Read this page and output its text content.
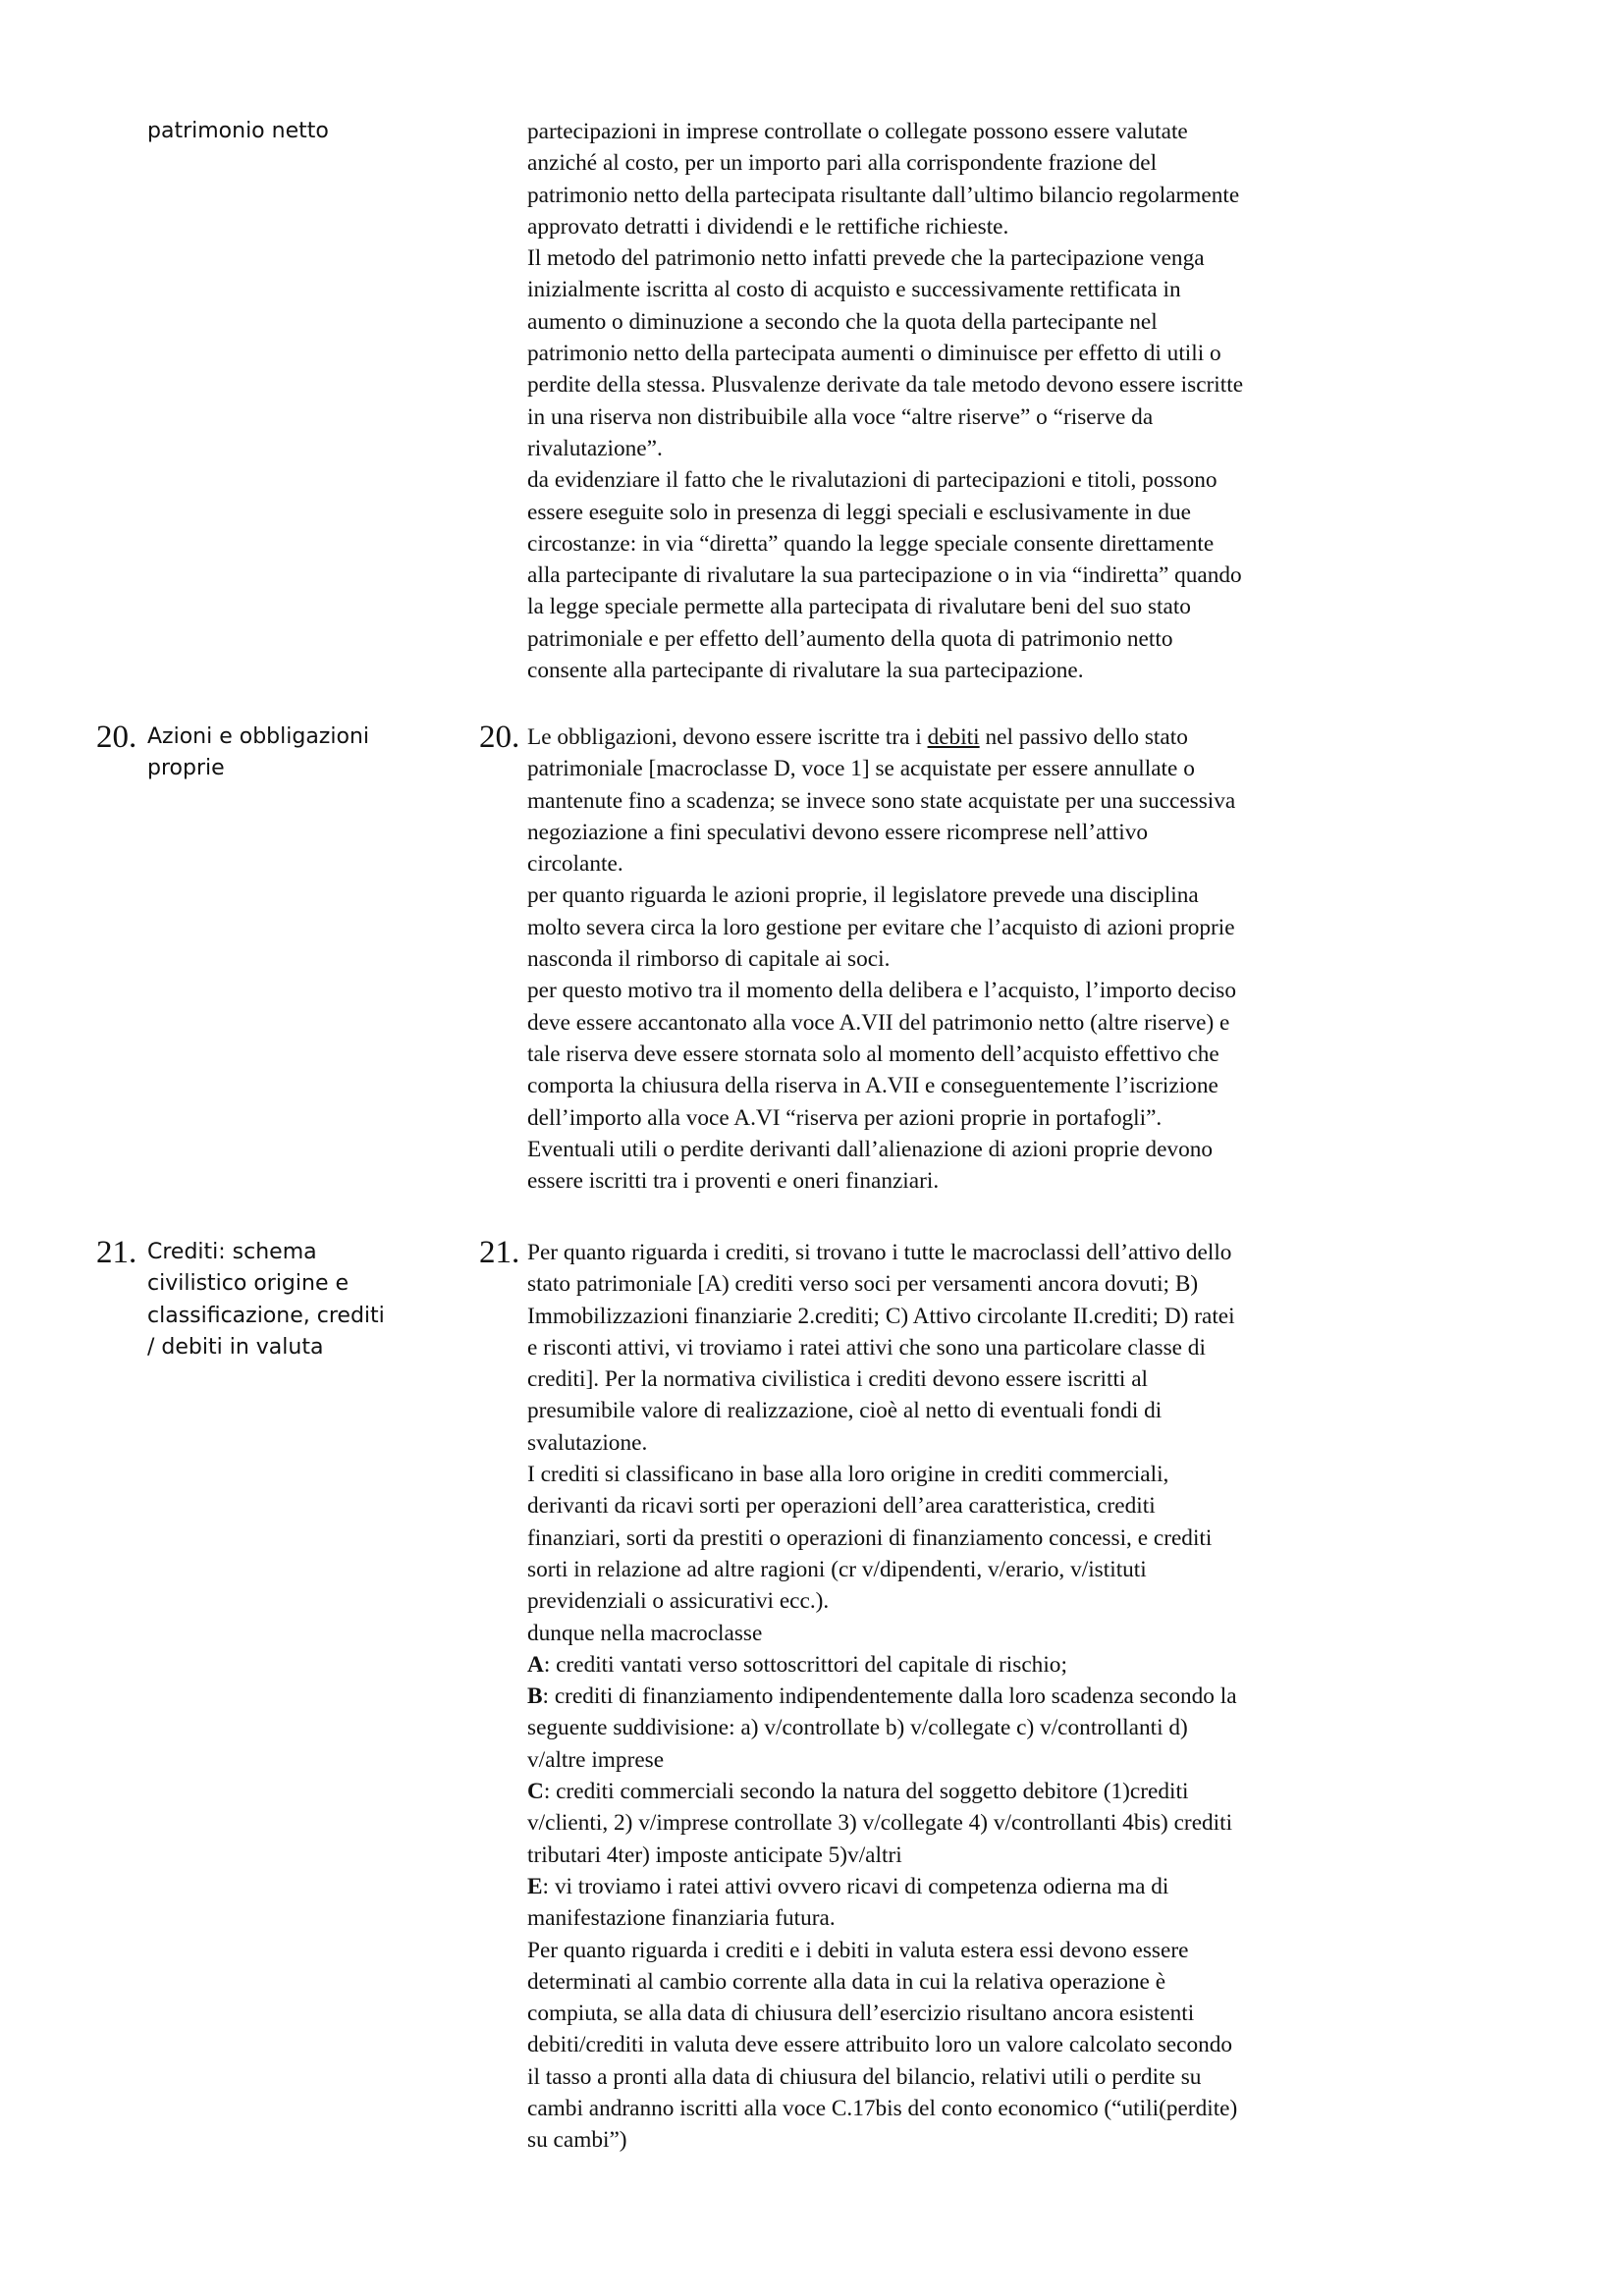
patrimonio netto	partecipazioni in imprese controllate o collegate possono essere valutate
anziché al costo, per un importo pari alla corrispondente frazione del
patrimonio netto della partecipata risultante dall’ultimo bilancio regolarmente
approvato detratti i dividendi e le rettifiche richieste.
Il metodo del patrimonio netto infatti prevede che la partecipazione venga
inizialmente iscritta al costo di acquisto e successivamente rettificata in
aumento o diminuzione a secondo che la quota della partecipante nel
patrimonio netto della partecipata aumenti o diminuisce per effetto di utili o
perdite della stessa. Plusvalenze derivate da tale metodo devono essere iscritte
in una riserva non distribuibile alla voce “altre riserve” o “riserve da
rivalutazione”.
da evidenziare il fatto che le rivalutazioni di partecipazioni e titoli, possono
essere eseguite solo in presenza di leggi speciali e esclusivamente in due
circostanze: in via “diretta” quando la legge speciale consente direttamente
alla partecipante di rivalutare la sua partecipazione o in via “indiretta” quando
la legge speciale permette alla partecipata di rivalutare beni del suo stato
patrimoniale e per effetto dell’aumento della quota di patrimonio netto
consente alla partecipante di rivalutare la sua partecipazione.

20. Azioni e obbligazioni
proprie

20. Le obbligazioni, devono essere iscritte tra i debiti nel passivo dello stato
patrimoniale [macroclasse D, voce 1] se acquistate per essere annullate o
mantenute fino a scadenza; se invece sono state acquistate per una successiva
negoziazione a fini speculativi devono essere ricomprese nell’attivo
circolante.
per quanto riguarda le azioni proprie, il legislatore prevede una disciplina
molto severa circa la loro gestione per evitare che l’acquisto di azioni proprie
nasconda il rimborso di capitale ai soci.
per questo motivo tra il momento della delibera e l’acquisto, l’importo deciso
deve essere accantonato alla voce A.VII del patrimonio netto (altre riserve) e
tale riserva deve essere stornata solo al momento dell’acquisto effettivo che
comporta la chiusura della riserva in A.VII e conseguentemente l’iscrizione
dell’importo alla voce A.VI “riserva per azioni proprie in portafogli”.
Eventuali utili o perdite derivanti dall’alienazione di azioni proprie devono
essere iscritti tra i proventi e oneri finanziari.

21. Crediti: schema
civilistico origine e
classificazione, crediti
/ debiti in valuta

21. Per quanto riguarda i crediti, si trovano i tutte le macroclassi dell’attivo dello
stato patrimoniale [A) crediti verso soci per versamenti ancora dovuti; B)
Immobilizzazioni finanziarie 2.crediti; C) Attivo circolante II.crediti; D) ratei
e risconti attivi, vi troviamo i ratei attivi che sono una particolare classe di
crediti]. Per la normativa civilistica i crediti devono essere iscritti al
presumibile valore di realizzazione, cioè al netto di eventuali fondi di
svalutazione.
I crediti si classificano in base alla loro origine in crediti commerciali,
derivanti da ricavi sorti per operazioni dell’area caratteristica, crediti
finanziari, sorti da prestiti o operazioni di finanziamento concessi, e crediti
sorti in relazione ad altre ragioni (cr v/dipendenti, v/erario, v/istituti
previdenziali o assicurativi ecc.).
dunque nella macroclasse
A: crediti vantati verso sottoscrittori del capitale di rischio;
B: crediti di finanziamento indipendentemente dalla loro scadenza secondo la
seguente suddivisione: a) v/controllate b) v/collegate c) v/controllanti d)
v/altre imprese
C: crediti commerciali secondo la natura del soggetto debitore (1)crediti
v/clienti, 2) v/imprese controllate 3) v/collegate 4) v/controllanti 4bis) crediti
tributari 4ter) imposte anticipate 5)v/altri
E: vi troviamo i ratei attivi ovvero ricavi di competenza odierna ma di
manifestazione finanziaria futura.
Per quanto riguarda i crediti e i debiti in valuta estera essi devono essere
determinati al cambio corrente alla data in cui la relativa operazione è
compiuta, se alla data di chiusura dell’esercizio risultano ancora esistenti
debiti/crediti in valuta deve essere attribuito loro un valore calcolato secondo
il tasso a pronti alla data di chiusura del bilancio, relativi utili o perdite su
cambi andranno iscritti alla voce C.17bis del conto economico (“utili(perdite)
su cambi”)
